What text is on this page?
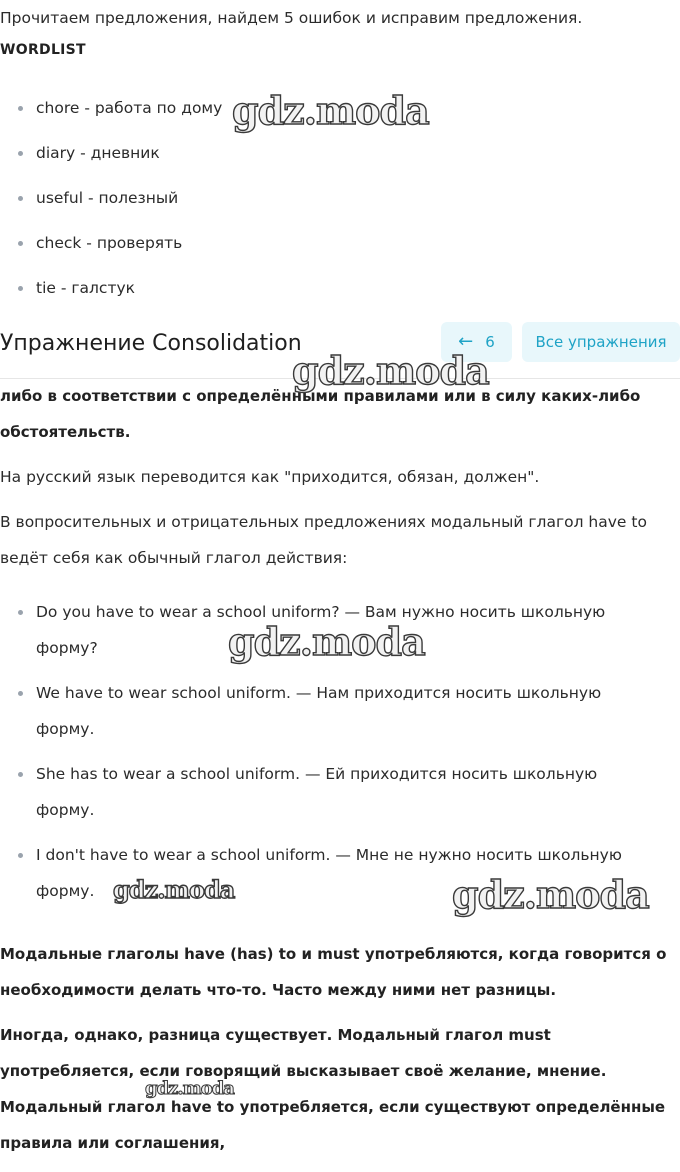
Прочитаем предложения, найдем 5 ошибок и исправим предложения.
WORDLIST
chore - работа по дому
diary - дневник
useful - полезный
check - проверять
tie - галстук
Упражнение Consolidation	← 6	Все упражнения
либо в соответствии с определёнными правилами или в силу каких-либо обстоятельств.
На русский язык переводится как "приходится, обязан, должен".
В вопросительных и отрицательных предложениях модальный глагол have to ведёт себя как обычный глагол действия:
Do you have to wear a school uniform? — Вам нужно носить школьную форму?
We have to wear school uniform. — Нам приходится носить школьную форму.
She has to wear a school uniform. — Ей приходится носить школьную форму.
I don't have to wear a school uniform. — Мне не нужно носить школьную форму.
Модальные глаголы have (has) to и must употребляются, когда говорится о необходимости делать что-то. Часто между ними нет разницы.
Иногда, однако, разница существует. Модальный глагол must употребляется, если говорящий высказывает своё желание, мнение. Модальный глагол have to употребляется, если существуют определённые правила или соглашения,
gdz.moda
gdz.moda
gdz.moda
gdz.moda	gdz.moda
gdz.moda
